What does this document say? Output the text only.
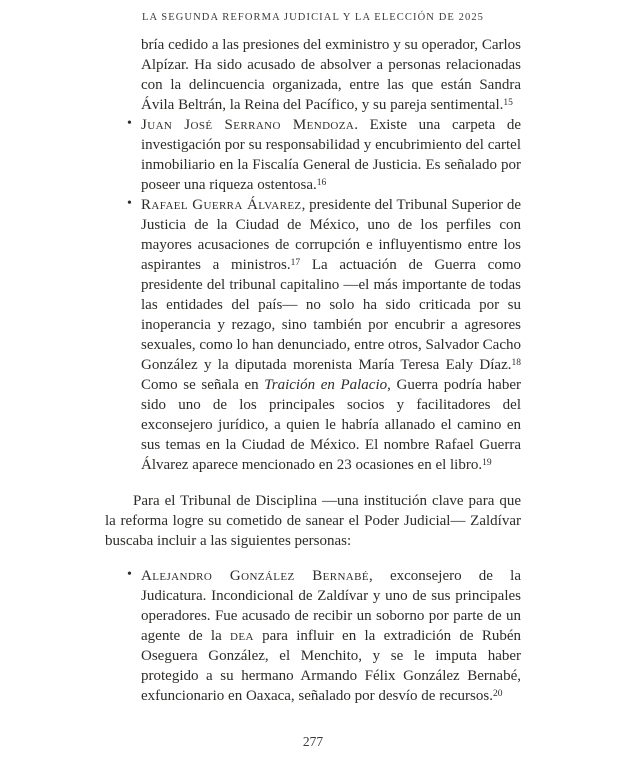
LA SEGUNDA REFORMA JUDICIAL Y LA ELECCIÓN DE 2025
bría cedido a las presiones del exministro y su operador, Carlos Alpízar. Ha sido acusado de absolver a personas relacionadas con la delincuencia organizada, entre las que están Sandra Ávila Beltrán, la Reina del Pacífico, y su pareja sentimental.$^{15}$
• Juan José Serrano Mendoza. Existe una carpeta de investigación por su responsabilidad y encubrimiento del cartel inmobiliario en la Fiscalía General de Justicia. Es señalado por poseer una riqueza ostentosa.$^{16}$
• Rafael Guerra Álvarez, presidente del Tribunal Superior de Justicia de la Ciudad de México, uno de los perfiles con mayores acusaciones de corrupción e influyentismo entre los aspirantes a ministros.$^{17}$ La actuación de Guerra como presidente del tribunal capitalino —el más importante de todas las entidades del país— no solo ha sido criticada por su inoperancia y rezago, sino también por encubrir a agresores sexuales, como lo han denunciado, entre otros, Salvador Cacho González y la diputada morenista María Teresa Ealy Díaz.$^{18}$ Como se señala en Traición en Palacio, Guerra podría haber sido uno de los principales socios y facilitadores del exconsejero jurídico, a quien le habría allanado el camino en sus temas en la Ciudad de México. El nombre Rafael Guerra Álvarez aparece mencionado en 23 ocasiones en el libro.$^{19}$
Para el Tribunal de Disciplina —una institución clave para que la reforma logre su cometido de sanear el Poder Judicial— Zaldívar buscaba incluir a las siguientes personas:
• Alejandro González Bernabé, exconsejero de la Judicatura. Incondicional de Zaldívar y uno de sus principales operadores. Fue acusado de recibir un soborno por parte de un agente de la dea para influir en la extradición de Rubén Oseguera González, el Menchito, y se le imputa haber protegido a su hermano Armando Félix González Bernabé, exfuncionario en Oaxaca, señalado por desvío de recursos.$^{20}$
277
